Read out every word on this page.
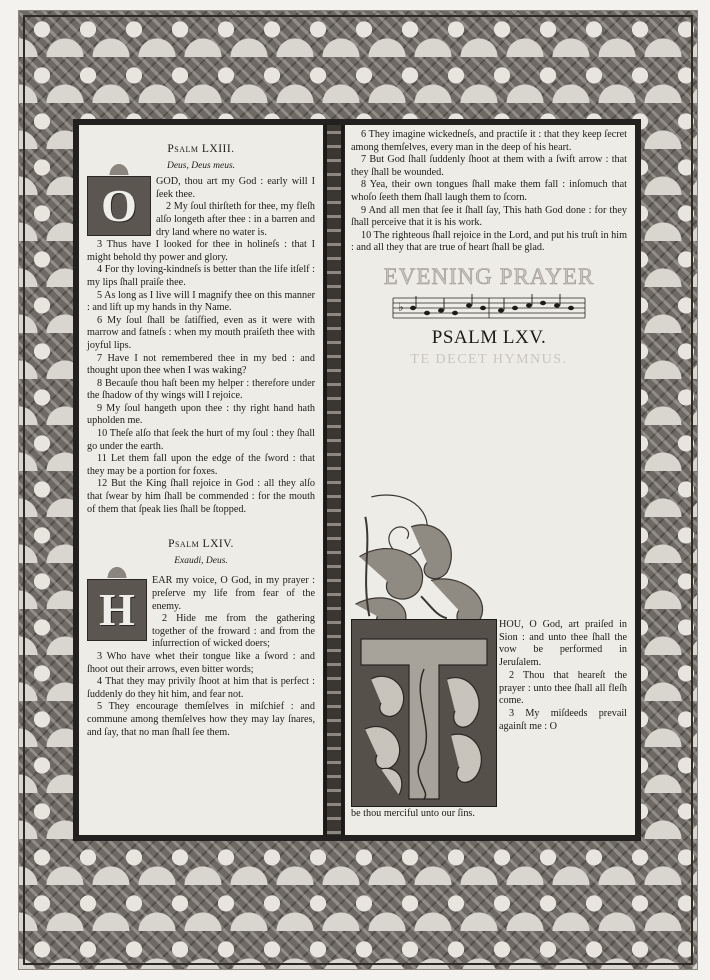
Psalm LXIII.
Deus, Deus meus.
O	GOD, thou art my God : early will I ſeek thee.

2 My ſoul thirſteth for thee, my fleſh alſo longeth after thee : in a barren and dry land where no water is.

3 Thus have I looked for thee in holineſs : that I might behold thy power and glory.

4 For thy loving-kindneſs is better than the life itſelf : my lips ſhall praiſe thee.

5 As long as I live will I magnify thee on this manner : and lift up my hands in thy Name.

6 My ſoul ſhall be ſatiſfied, even as it were with marrow and fatneſs : when my mouth praiſeth thee with joyful lips.

7 Have I not remembered thee in my bed : and thought upon thee when I was waking?

8 Becauſe thou haſt been my helper : therefore under the ſhadow of thy wings will I rejoice.

9 My ſoul hangeth upon thee : thy right hand hath upholden me.

10 Theſe alſo that ſeek the hurt of my ſoul : they ſhall go under the earth.

11 Let them fall upon the edge of the ſword : that they may be a portion for foxes.

12 But the King ſhall rejoice in God : all they alſo that ſwear by him ſhall be commended : for the mouth of them that ſpeak lies ſhall be ſtopped.

Psalm LXIV.
Exaudi, Deus.
H

EAR my voice, O God, in my prayer : preſerve my life from fear of the enemy.

2 Hide me from the gathering together of the froward : and from the inſurrection of wicked doers;

3 Who have whet their tongue like a ſword : and ſhoot out their arrows, even bitter words;

4 That they may privily ſhoot at him that is perfect : ſuddenly do they hit him, and fear not.

5 They encourage themſelves in miſchief : and commune among themſelves how they may lay ſnares, and ſay, that no man ſhall ſee them.

6 They imagine wickedneſs, and practiſe it : that they keep ſecret among themſelves, every man in the deep of his heart.

7 But God ſhall ſuddenly ſhoot at them with a ſwift arrow : that they ſhall be wounded.

8 Yea, their own tongues ſhall make them fall : inſomuch that whoſo ſeeth them ſhall laugh them to ſcorn.

9 And all men that ſee it ſhall ſay, This hath God done : for they ſhall perceive that it is his work.

10 The righteous ſhall rejoice in the Lord, and put his truſt in him : and all they that are true of heart ſhall be glad.

EVENING PRAYER
♭
PSALM LXV.
TE DECET HYMNUS.

HOU, O God, art praiſed in Sion : and unto thee ſhall the vow be performed in Jeruſalem.

2 Thou that heareſt the prayer : unto thee ſhall all fleſh come.

3 My miſdeeds prevail againſt me : O

be thou merciful unto our ſins.
